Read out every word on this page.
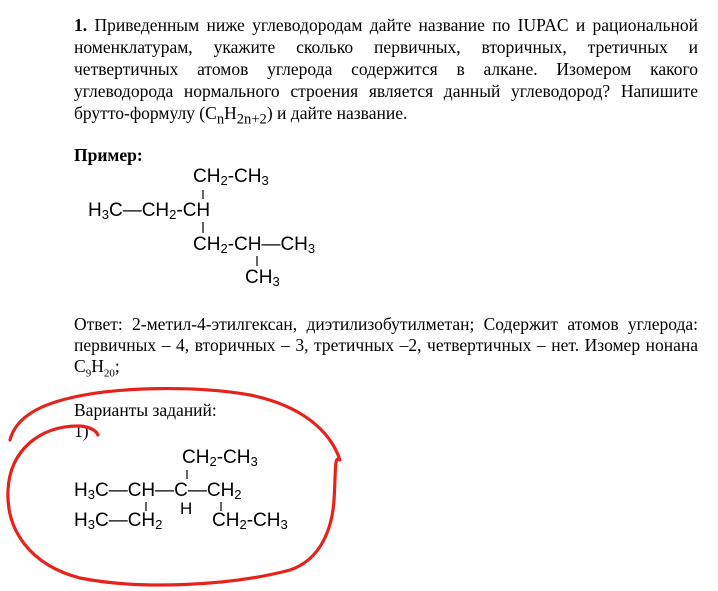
1. Приведенным ниже углеводородам дайте название по IUPAC и рациональной номенклатурам, укажите сколько первичных, вторичных, третичных и четвертичных атомов углерода содержится в алкане. Изомером какого углеводорода нормального строения является данный углеводород? Напишите брутто-формулу $(C_nH_{2n+2})$ и дайте название.
Пример:
$CH_2-CH_3$
$H_3C—CH_2-CH$
$CH_2-CH—CH_3$
$CH_3$
Ответ: 2-метил-4-этилгексан, диэтилизобутилметан; Содержит атомов углерода: первичных – 4, вторичных – 3, третичных –2, четвертичных – нет. Изомер нонана $C_9H_{20}$;
Варианты заданий:
1)
$CH_2-CH_3$
$H_3C—CH—C—CH_2$
H
$H_3C—CH_2$	$CH_2-CH_3$
